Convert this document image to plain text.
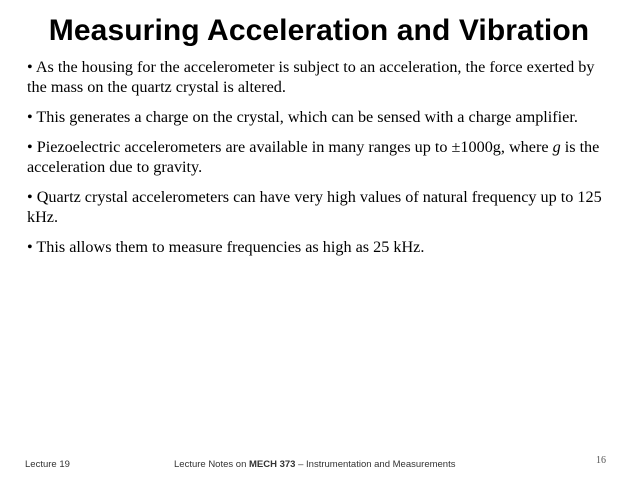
Measuring Acceleration and Vibration
• As the housing for the accelerometer is subject to an acceleration, the force exerted by the mass on the quartz crystal is altered.
• This generates a charge on the crystal, which can be sensed with a charge amplifier.
• Piezoelectric accelerometers are available in many ranges up to ±1000g, where g is the acceleration due to gravity.
• Quartz crystal accelerometers can have very high values of natural frequency up to 125 kHz.
• This allows them to measure frequencies as high as 25 kHz.
Lecture 19	Lecture Notes on MECH 373 – Instrumentation and Measurements	16
